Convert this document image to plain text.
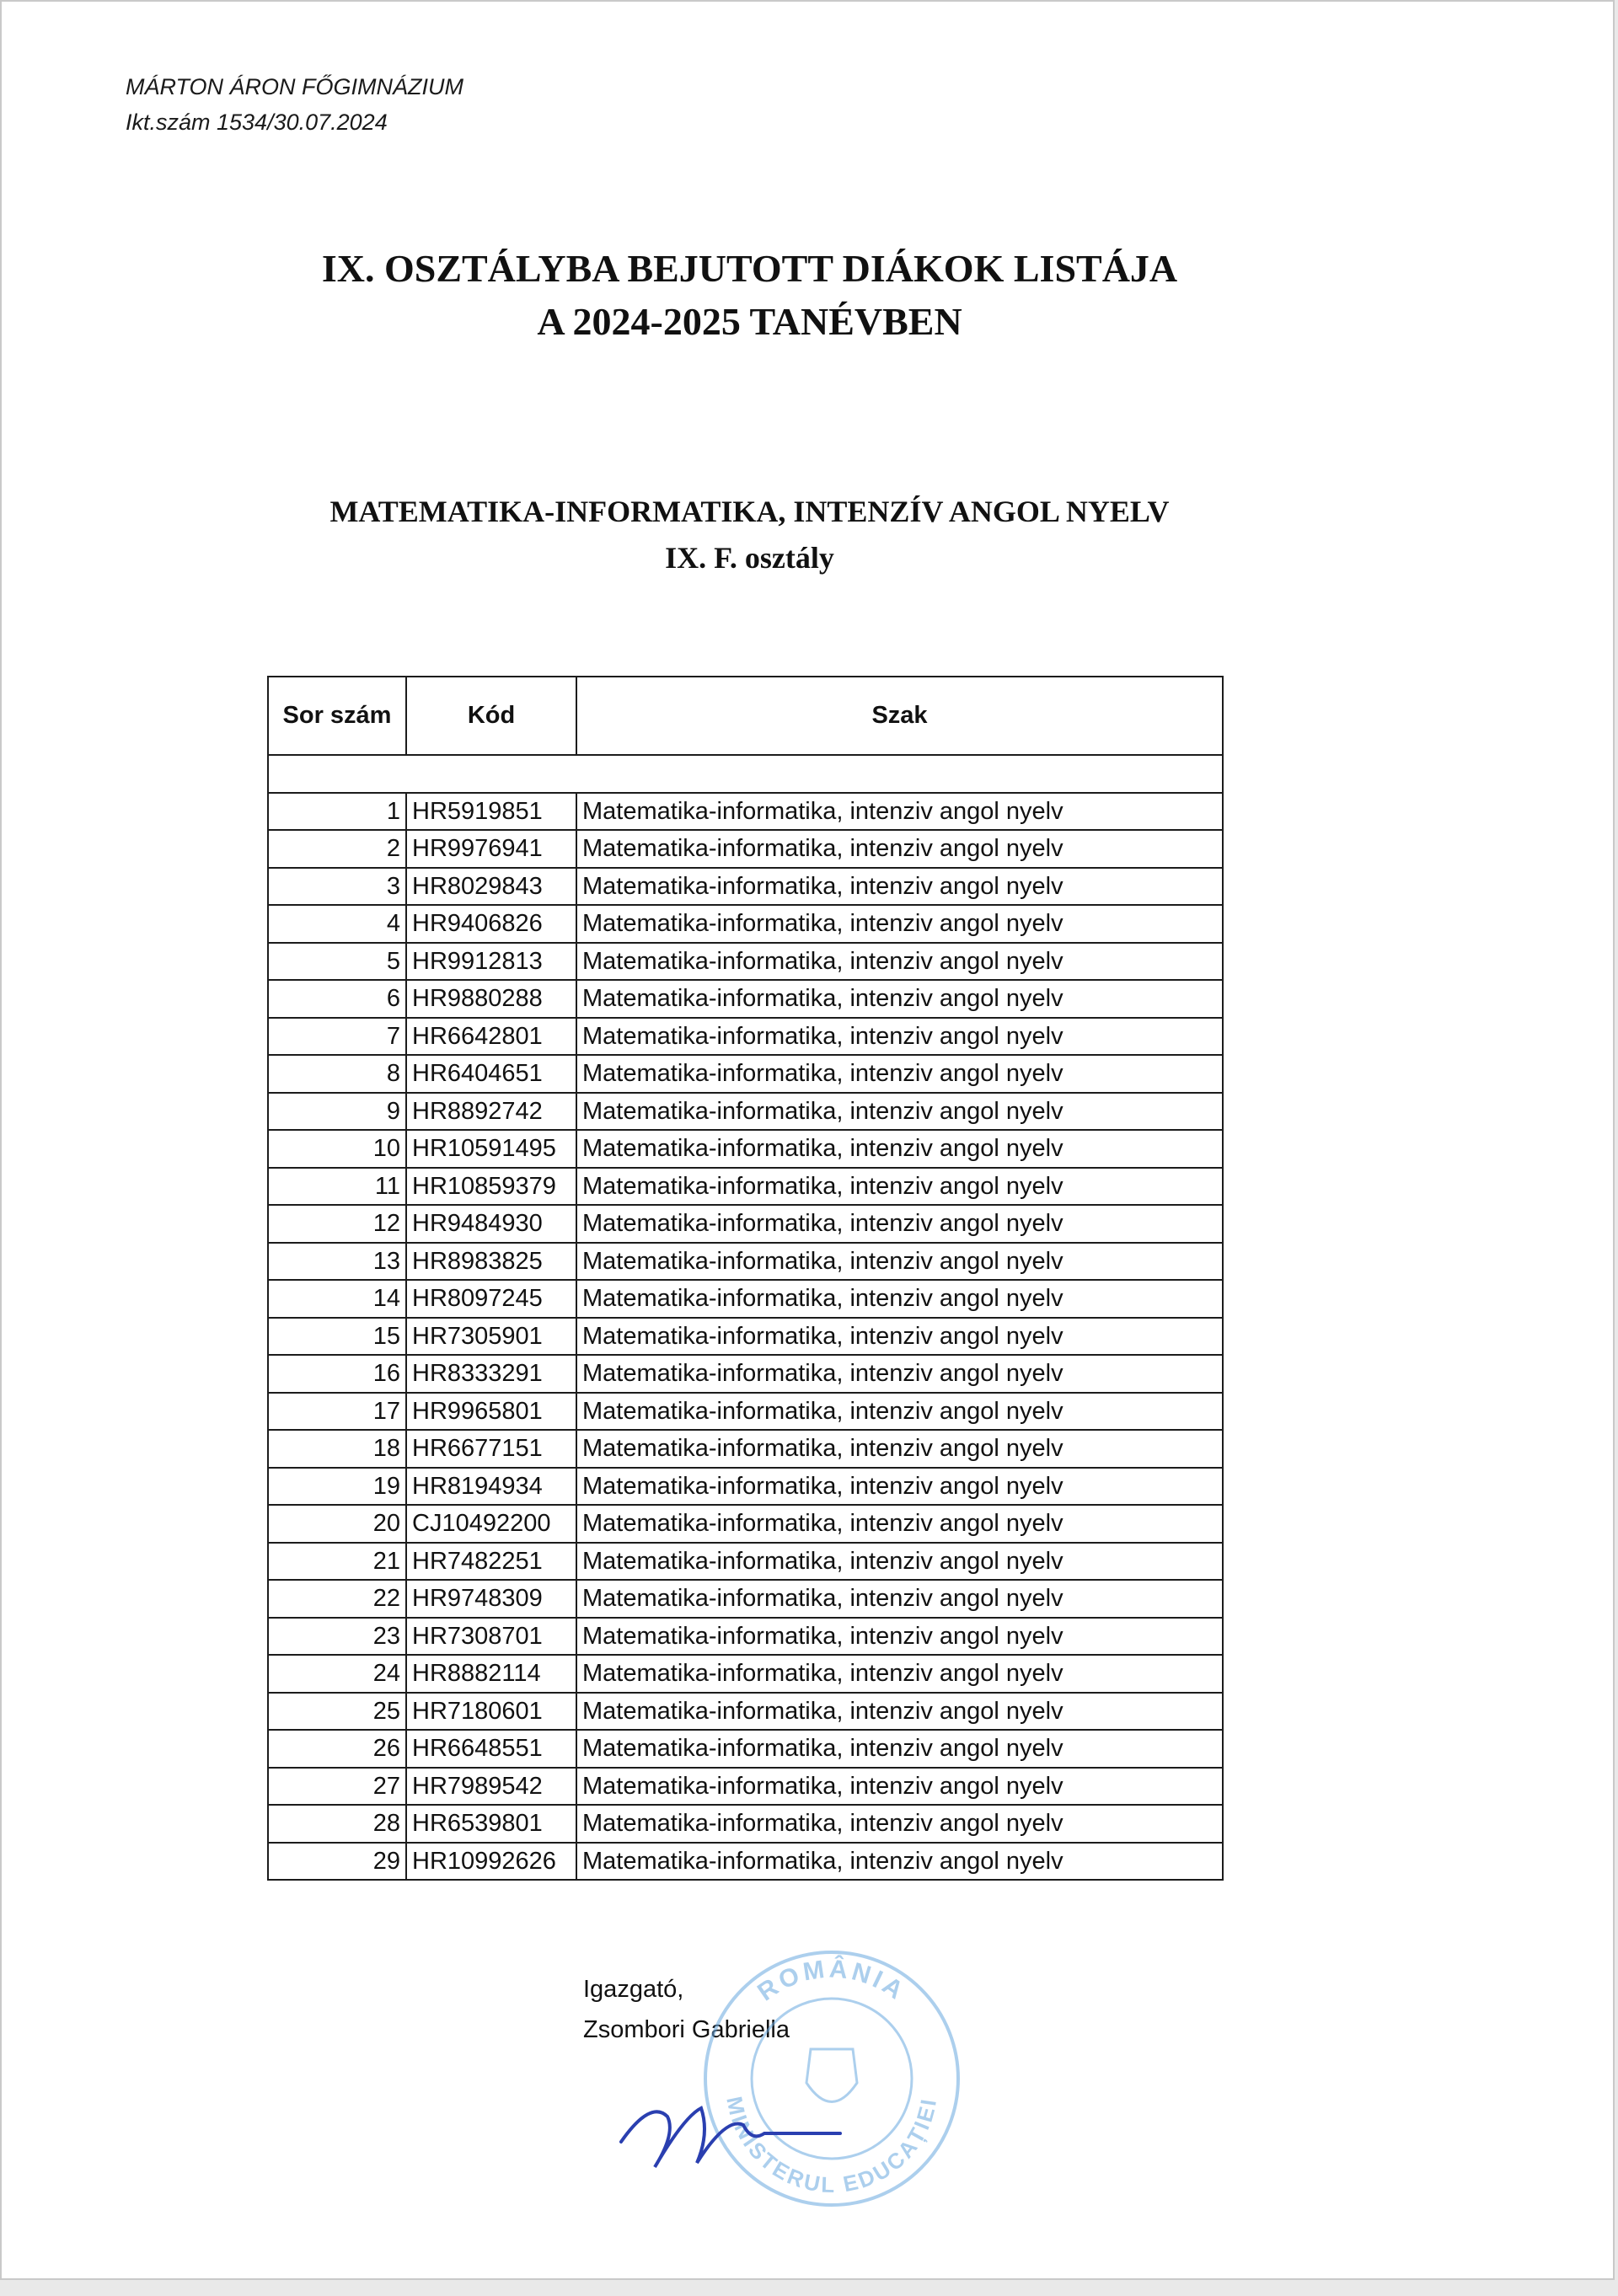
MÁRTON ÁRON FŐGIMNÁZIUM
Ikt.szám 1534/30.07.2024
IX. OSZTÁLYBA BEJUTOTT DIÁKOK LISTÁJA
A 2024-2025 TANÉVBEN
MATEMATIKA-INFORMATIKA, INTENZÍV ANGOL NYELV
IX. F. osztály
Sor szám	Kód	Szak

1	HR5919851	Matematika-informatika, intenziv angol nyelv
2	HR9976941	Matematika-informatika, intenziv angol nyelv
3	HR8029843	Matematika-informatika, intenziv angol nyelv
4	HR9406826	Matematika-informatika, intenziv angol nyelv
5	HR9912813	Matematika-informatika, intenziv angol nyelv
6	HR9880288	Matematika-informatika, intenziv angol nyelv
7	HR6642801	Matematika-informatika, intenziv angol nyelv
8	HR6404651	Matematika-informatika, intenziv angol nyelv
9	HR8892742	Matematika-informatika, intenziv angol nyelv
10	HR10591495	Matematika-informatika, intenziv angol nyelv
11	HR10859379	Matematika-informatika, intenziv angol nyelv
12	HR9484930	Matematika-informatika, intenziv angol nyelv
13	HR8983825	Matematika-informatika, intenziv angol nyelv
14	HR8097245	Matematika-informatika, intenziv angol nyelv
15	HR7305901	Matematika-informatika, intenziv angol nyelv
16	HR8333291	Matematika-informatika, intenziv angol nyelv
17	HR9965801	Matematika-informatika, intenziv angol nyelv
18	HR6677151	Matematika-informatika, intenziv angol nyelv
19	HR8194934	Matematika-informatika, intenziv angol nyelv
20	CJ10492200	Matematika-informatika, intenziv angol nyelv
21	HR7482251	Matematika-informatika, intenziv angol nyelv
22	HR9748309	Matematika-informatika, intenziv angol nyelv
23	HR7308701	Matematika-informatika, intenziv angol nyelv
24	HR8882114	Matematika-informatika, intenziv angol nyelv
25	HR7180601	Matematika-informatika, intenziv angol nyelv
26	HR6648551	Matematika-informatika, intenziv angol nyelv
27	HR7989542	Matematika-informatika, intenziv angol nyelv
28	HR6539801	Matematika-informatika, intenziv angol nyelv
29	HR10992626	Matematika-informatika, intenziv angol nyelv
Igazgató,
Zsombori Gabriella
ROMÂNIA
MINISTERUL EDUCAȚIEI
